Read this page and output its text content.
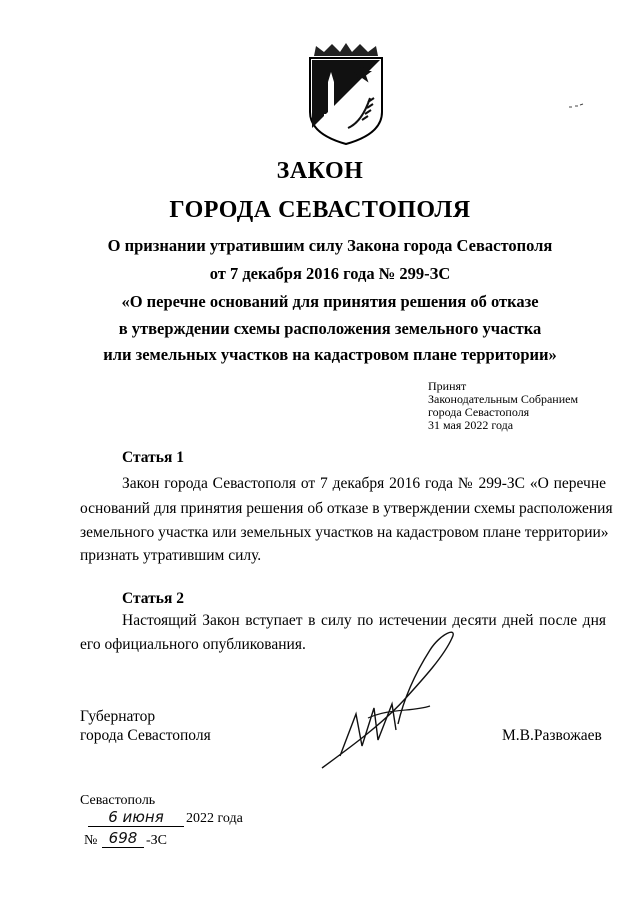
ЗАКОН
ГОРОДА СЕВАСТОПОЛЯ
О признании утратившим силу Закона города Севастополя
от 7 декабря 2016 года № 299-ЗС
«О перечне оснований для принятия решения об отказе
в утверждении схемы расположения земельного участка
или земельных участков на кадастровом плане территории»
Принят
Законодательным Собранием
города Севастополя
31 мая 2022 года
Статья 1
Закон города Севастополя от 7 декабря 2016 года № 299-ЗС «О перечне
оснований для принятия решения об отказе в утверждении схемы расположения
земельного участка или земельных участков на кадастровом плане территории»
признать утратившим силу.
Статья 2
Настоящий Закон вступает в силу по истечении десяти дней после дня
его официального опубликования.
Губернатор
города Севастополя	М.В.Развожаев
Севастополь
6 июня	2022 года
№ 698 -ЗС
